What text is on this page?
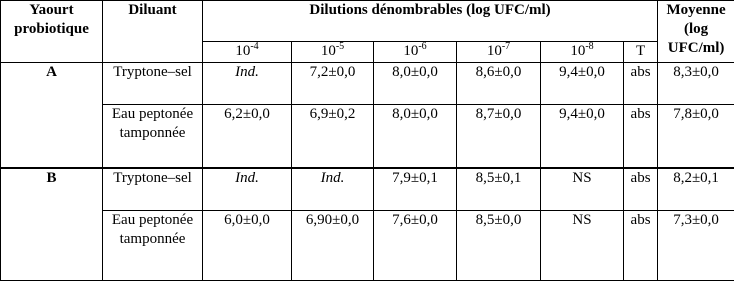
Yaourt probiotique	Diluant	Dilutions dénombrables (log UFC/ml)						Moyenne (log UFC/ml)
		$10^{-4}$	$10^{-5}$	$10^{-6}$	$10^{-7}$	$10^{-8}$	T	
A	Tryptone–sel	Ind.	7,2±0,0	8,0±0,0	8,6±0,0	9,4±0,0	abs	8,3±0,0
	Eau peptonée tamponnée	6,2±0,0	6,9±0,2	8,0±0,0	8,7±0,0	9,4±0,0	abs	7,8±0,0
B	Tryptone–sel	Ind.	Ind.	7,9±0,1	8,5±0,1	NS	abs	8,2±0,1
	Eau peptonée tamponnée	6,0±0,0	6,90±0,0	7,6±0,0	8,5±0,0	NS	abs	7,3±0,0
